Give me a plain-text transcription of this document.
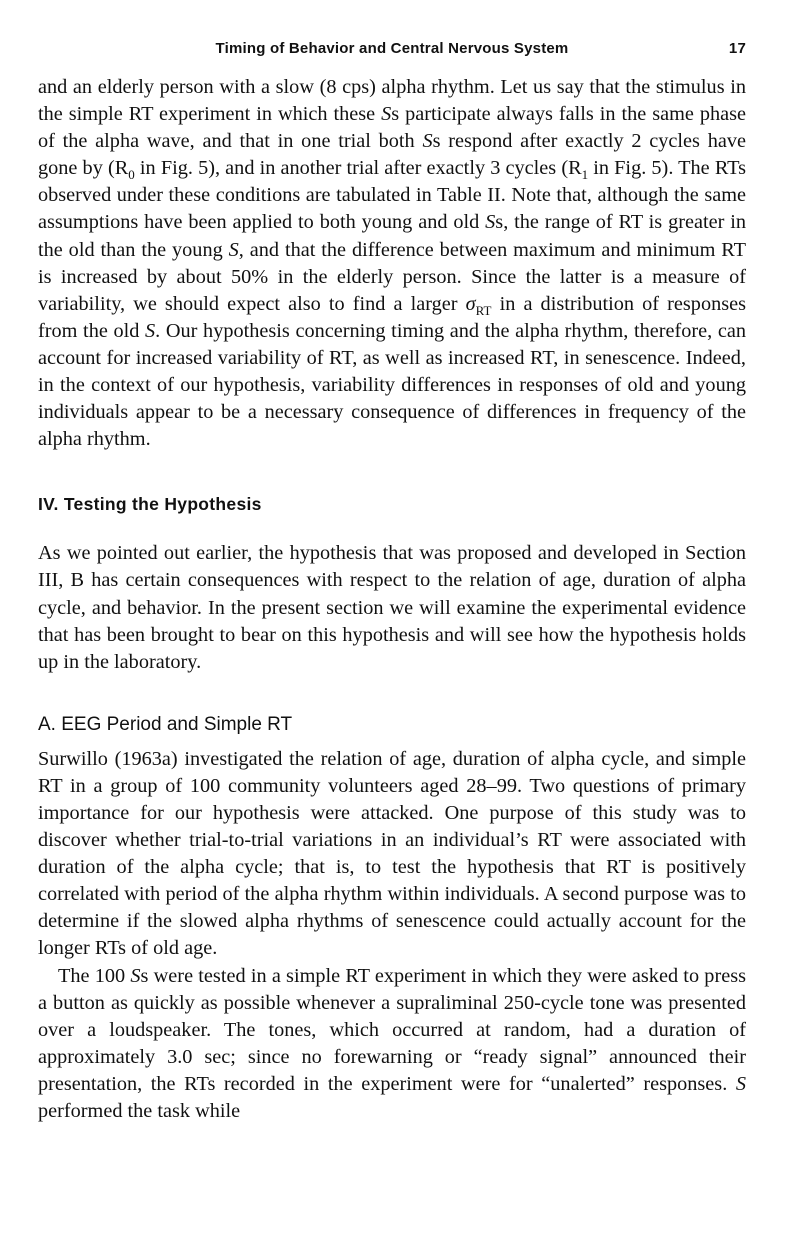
Timing of Behavior and Central Nervous System	17

and an elderly person with a slow (8 cps) alpha rhythm. Let us say that the stimulus in the simple RT experiment in which these Ss participate always falls in the same phase of the alpha wave, and that in one trial both Ss respond after exactly 2 cycles have gone by ($R_0$ in Fig. 5), and in another trial after exactly 3 cycles ($R_1$ in Fig. 5). The RTs observed under these conditions are tabulated in Table II. Note that, although the same assumptions have been applied to both young and old Ss, the range of RT is greater in the old than the young S, and that the difference between maximum and minimum RT is increased by about 50% in the elderly person. Since the latter is a measure of variability, we should expect also to find a larger $\sigma_{RT}$ in a distribution of responses from the old S. Our hypothesis concerning timing and the alpha rhythm, therefore, can account for increased variability of RT, as well as increased RT, in senescence. Indeed, in the context of our hypothesis, variability differences in responses of old and young individuals appear to be a necessary consequence of differences in frequency of the alpha rhythm.

IV. Testing the Hypothesis

As we pointed out earlier, the hypothesis that was proposed and developed in Section III, B has certain consequences with respect to the relation of age, duration of alpha cycle, and behavior. In the present section we will examine the experimental evidence that has been brought to bear on this hypothesis and will see how the hypothesis holds up in the laboratory.

A. EEG Period and Simple RT

Surwillo (1963a) investigated the relation of age, duration of alpha cycle, and simple RT in a group of 100 community volunteers aged 28–99. Two questions of primary importance for our hypothesis were attacked. One purpose of this study was to discover whether trial-to-trial variations in an individual’s RT were associated with duration of the alpha cycle; that is, to test the hypothesis that RT is positively correlated with period of the alpha rhythm within individuals. A second purpose was to determine if the slowed alpha rhythms of senescence could actually account for the longer RTs of old age.

The 100 Ss were tested in a simple RT experiment in which they were asked to press a button as quickly as possible whenever a supraliminal 250-cycle tone was presented over a loudspeaker. The tones, which occurred at random, had a duration of approximately 3.0 sec; since no forewarning or “ready signal” announced their presentation, the RTs recorded in the experiment were for “unalerted” responses. S performed the task while
